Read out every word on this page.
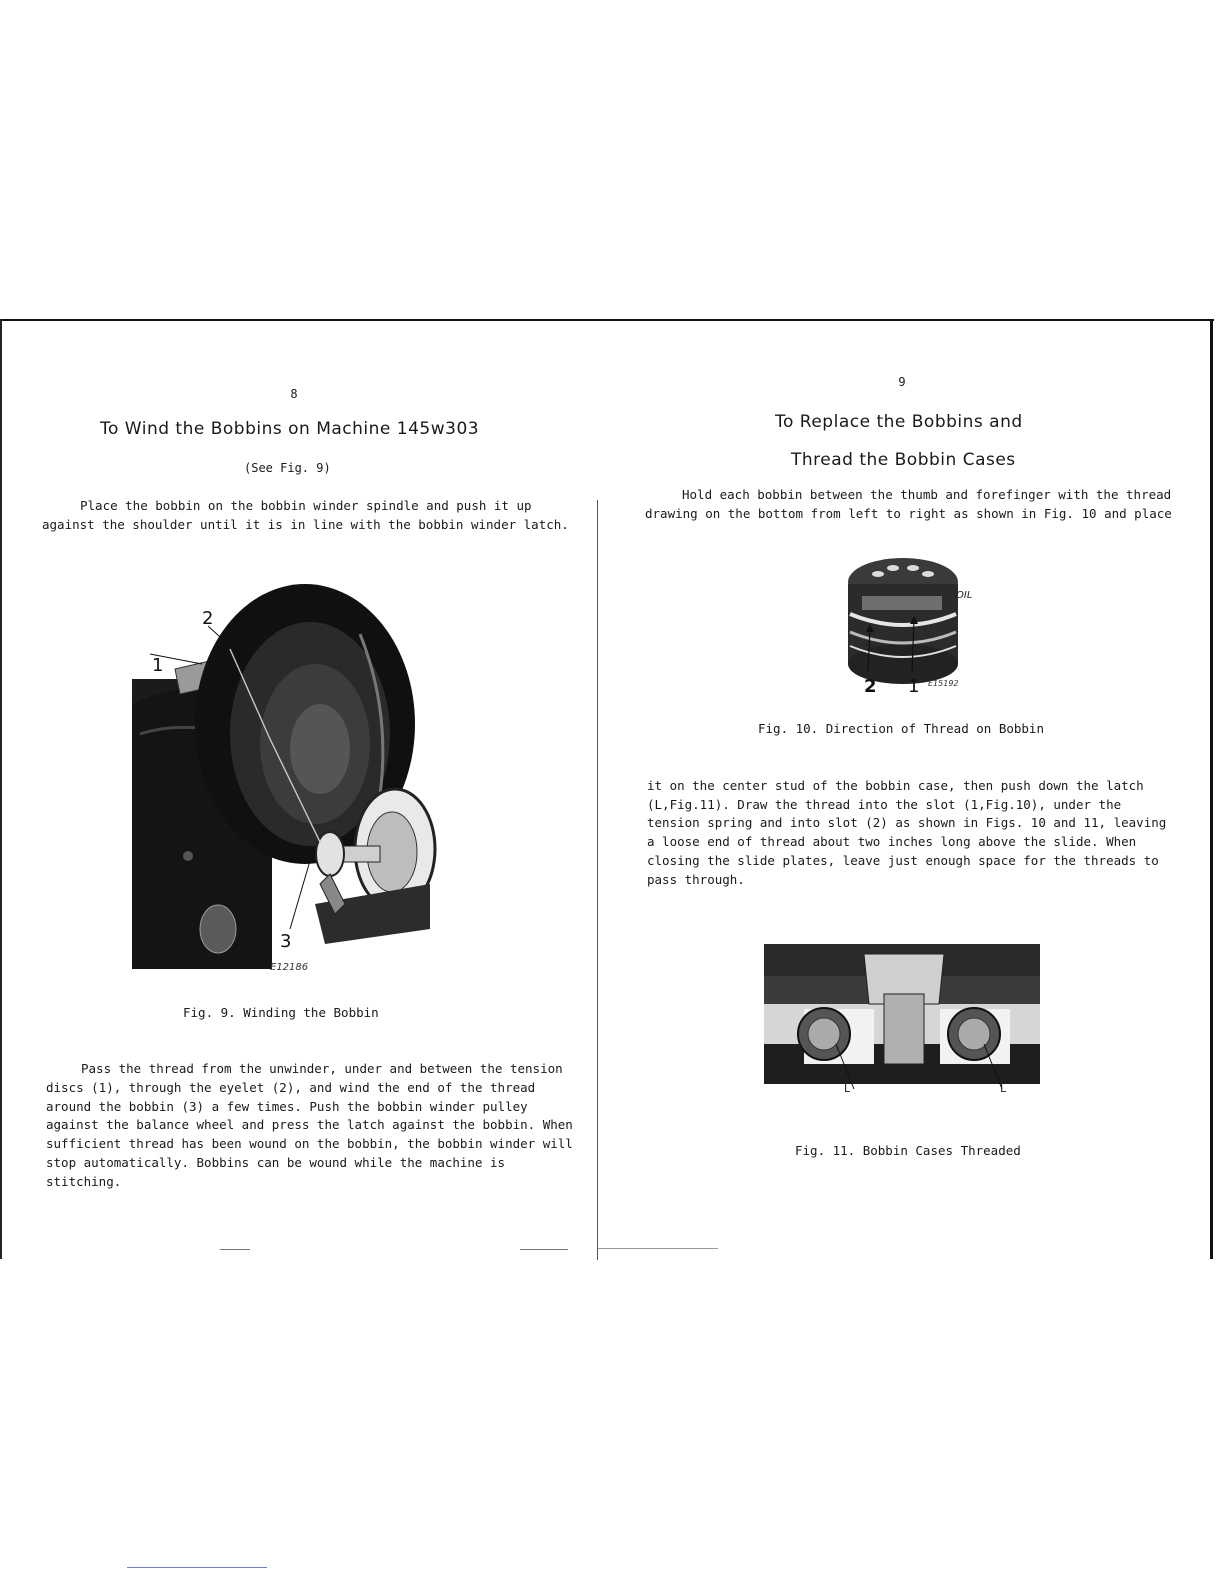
8
To Wind the Bobbins on Machine 145w303
(See Fig. 9)

Place the bobbin on the bobbin winder spindle and push it up

against the shoulder until it is in line with the bobbin winder latch.

2
1
3
E12186
Fig. 9. Winding the Bobbin

Pass the thread from the unwinder, under and between the tension

discs (1), through the eyelet (2), and wind the end of the thread

around the bobbin (3) a few times. Push the bobbin winder pulley

against the balance wheel and press the latch against the bobbin. When

sufficient thread has been wound on the bobbin, the bobbin winder will

stop automatically. Bobbins can be wound while the machine is

stitching.

9
To Replace the Bobbins and
Thread the Bobbin Cases

Hold each bobbin between the thumb and forefinger with the thread

drawing on the bottom from left to right as shown in Fig. 10 and place

OIL
2 1 E15192
Fig. 10. Direction of Thread on Bobbin

it on the center stud of the bobbin case, then push down the latch

(L,Fig.11). Draw the thread into the slot (1,Fig.10), under the

tension spring and into slot (2) as shown in Figs. 10 and 11, leaving

a loose end of thread about two inches long above the slide. When

closing the slide plates, leave just enough space for the threads to

pass through.

L	L
Fig. 11. Bobbin Cases Threaded
